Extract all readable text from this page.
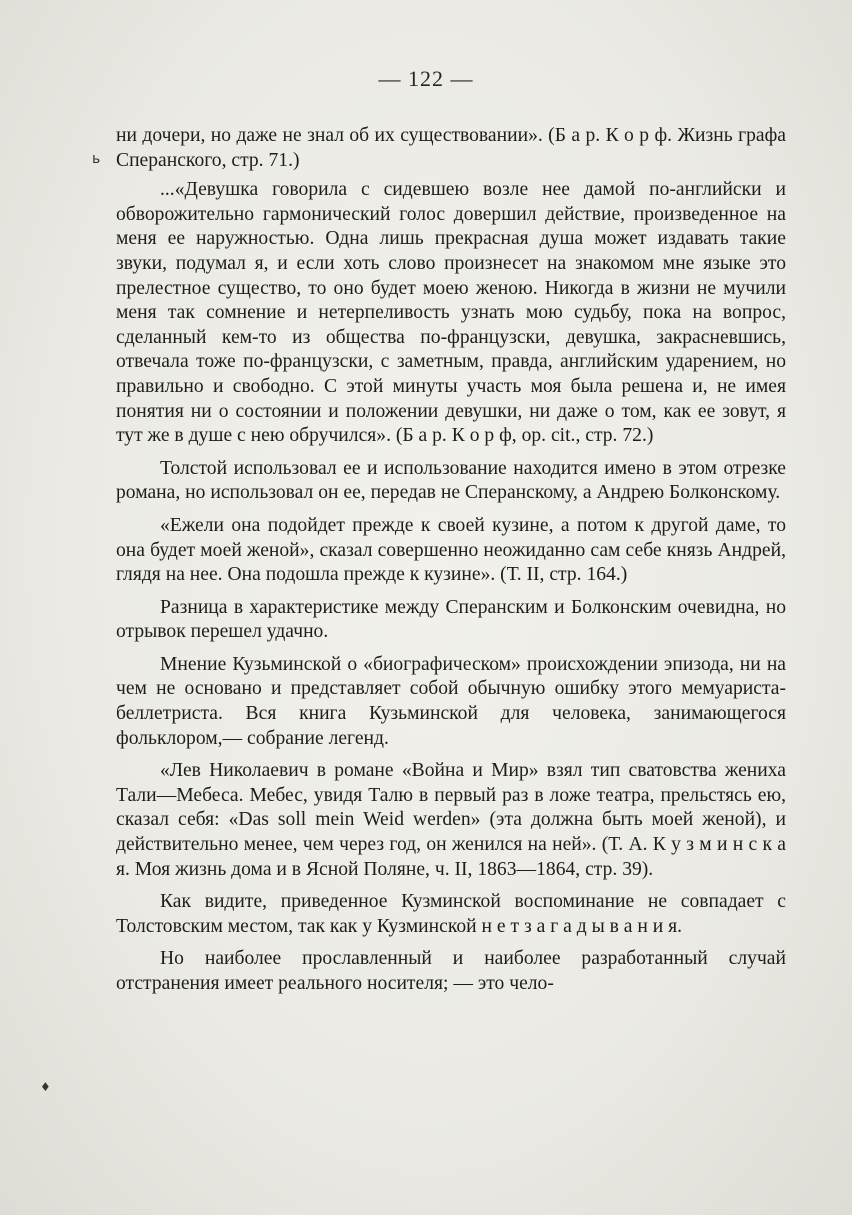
— 122 —
ь
♦

ни дочери, но даже не знал об их существовании». (Б а р. К о р ф. Жизнь графа Сперанского, стр. 71.)

...«Девушка говорила с сидевшею возле нее дамой по-английски и обворожительно гармонический голос довершил действие, произведенное на меня ее наружностью. Одна лишь прекрасная душа может издавать такие звуки, подумал я, и если хоть слово произнесет на знакомом мне языке это прелестное существо, то оно будет моею женою. Никогда в жизни не мучили меня так сомнение и нетерпеливость узнать мою судьбу, пока на вопрос, сделанный кем-то из общества по-французски, девушка, закрасневшись, отвечала тоже по-французски, с заметным, правда, английским ударением, но правильно и свободно. С этой минуты участь моя была решена и, не имея понятия ни о состоянии и положении девушки, ни даже о том, как ее зовут, я тут же в душе с нею обручился». (Б а р. К о р ф, op. cit., стр. 72.)

Толстой использовал ее и использование находится имено в этом отрезке романа, но использовал он ее, передав не Сперанскому, а Андрею Болконскому.

«Ежели она подойдет прежде к своей кузине, а потом к другой даме, то она будет моей женой», сказал совершенно неожиданно сам себе князь Андрей, глядя на нее. Она подошла прежде к кузине». (Т. II, стр. 164.)

Разница в характеристике между Сперанским и Болконским очевидна, но отрывок перешел удачно.

Мнение Кузьминской о «биографическом» происхождении эпизода, ни на чем не основано и представляет собой обычную ошибку этого мемуариста-беллетриста. Вся книга Кузьминской для человека, занимающегося фольклором,— собрание легенд.

«Лев Николаевич в романе «Война и Мир» взял тип сватовства жениха Тали—Мебеса. Мебес, увидя Талю в первый раз в ложе театра, прельстясь ею, сказал себя: «Das soll mein Weid werden» (эта должна быть моей женой), и действительно менее, чем через год, он женился на ней». (Т. А. К у з м и н с к а я. Моя жизнь дома и в Ясной Поляне, ч. II, 1863—1864, стр. 39).

Как видите, приведенное Кузминской воспоминание не совпадает с Толстовским местом, так как у Кузминской н е т з а г а д ы в а н и я.

Но наиболее прославленный и наиболее разработанный случай отстранения имеет реального носителя; — это чело-
